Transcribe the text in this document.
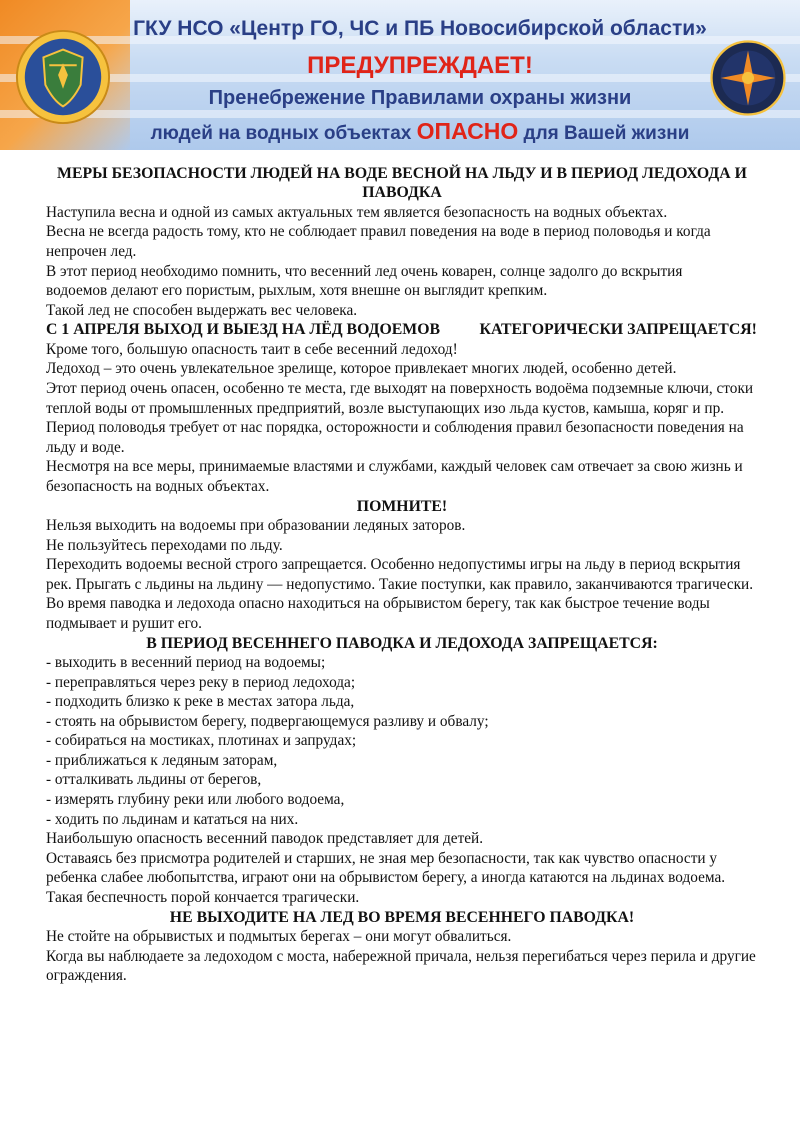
ГКУ НСО «Центр ГО, ЧС и ПБ Новосибирской области»
ПРЕДУПРЕЖДАЕТ!
Пренебрежение Правилами охраны жизни
людей на водных объектах ОПАСНО для Вашей жизни

МЕРЫ БЕЗОПАСНОСТИ ЛЮДЕЙ НА ВОДЕ ВЕСНОЙ НА ЛЬДУ И В ПЕРИОД ЛЕДОХОДА И ПАВОДКА

Наступила весна и одной из самых актуальных тем является безопасность на водных объектах.

Весна не всегда радость тому, кто не соблюдает правил поведения на воде в период половодья и когда непрочен лед.

В этот период необходимо помнить, что весенний лед очень коварен, солнце задолго до вскрытия

водоемов делают его пористым, рыхлым, хотя внешне он выглядит крепким.

Такой лед не способен выдержать вес человека.

С 1 АПРЕЛЯ ВЫХОД И ВЫЕЗД НА ЛЁД ВОДОЕМОВ          КАТЕГОРИЧЕСКИ ЗАПРЕЩАЕТСЯ!

Кроме того, большую опасность таит в себе весенний ледоход!

Ледоход – это очень увлекательное зрелище, которое привлекает многих людей, особенно детей.

Этот период очень опасен, особенно те места, где выходят на поверхность водоёма подземные ключи, стоки теплой воды от промышленных предприятий, возле выступающих изо льда кустов, камыша, коряг и пр. Период половодья требует от нас порядка, осторожности и соблюдения правил безопасности поведения на льду и воде.

Несмотря на все меры, принимаемые властями и службами, каждый человек сам отвечает за свою жизнь и безопасность на водных объектах.

ПОМНИТЕ!

Нельзя выходить на водоемы при образовании ледяных заторов.

Не пользуйтесь переходами по льду.

Переходить водоемы весной строго запрещается. Особенно недопустимы игры на льду в период вскрытия рек. Прыгать с льдины на льдину — недопустимо. Такие поступки, как правило, заканчиваются трагически.

Во время паводка и ледохода опасно находиться на обрывистом берегу, так как быстрое течение воды подмывает и рушит его.

В ПЕРИОД ВЕСЕННЕГО ПАВОДКА И ЛЕДОХОДА ЗАПРЕЩАЕТСЯ:

- выходить в весенний период на водоемы;

- переправляться через реку в период ледохода;

- подходить близко к реке в местах затора льда,

- стоять на обрывистом берегу, подвергающемуся разливу и обвалу;

- собираться на мостиках, плотинах и запрудах;

- приближаться к ледяным заторам,

- отталкивать льдины от берегов,

- измерять глубину реки или любого водоема,

- ходить по льдинам и кататься на них.

Наибольшую опасность весенний паводок представляет для детей.

Оставаясь без присмотра родителей и старших, не зная мер безопасности, так как чувство опасности у ребенка слабее любопытства, играют они на обрывистом берегу, а иногда катаются на льдинах водоема. Такая беспечность порой кончается трагически.

НЕ ВЫХОДИТЕ НА ЛЕД ВО ВРЕМЯ ВЕСЕННЕГО ПАВОДКА!

Не стойте на обрывистых и подмытых берегах – они могут обвалиться.

Когда вы наблюдаете за ледоходом с моста, набережной причала, нельзя перегибаться через перила и другие ограждения.
